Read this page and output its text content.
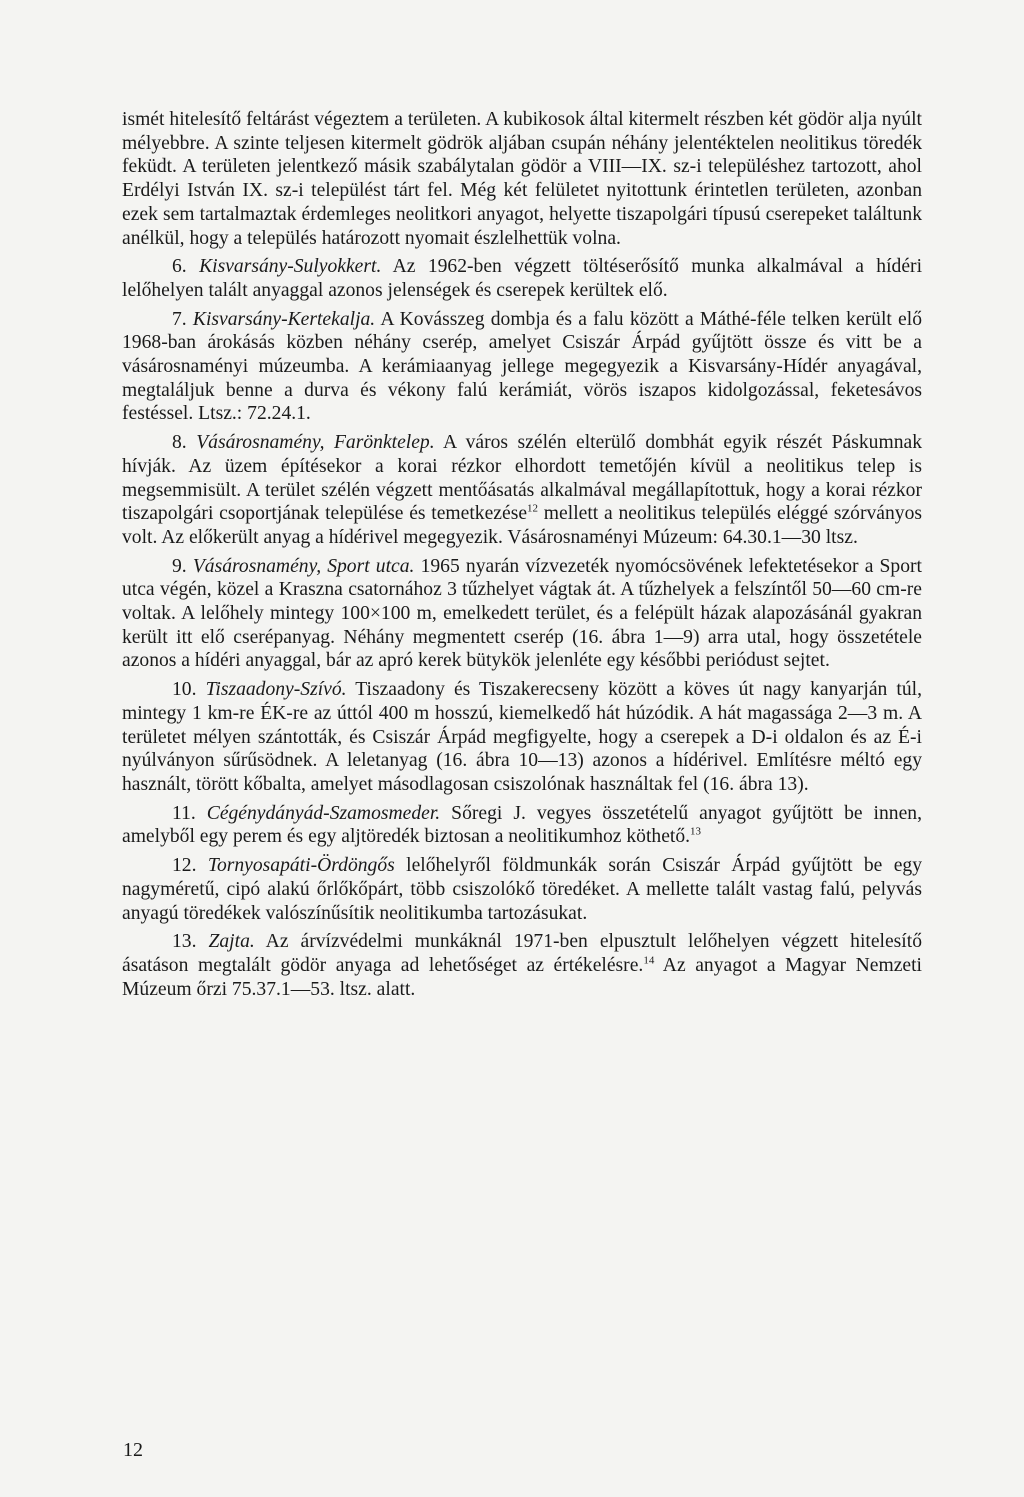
ismét hitelesítő feltárást végeztem a területen. A kubikosok által kitermelt részben két gödör alja nyúlt mélyebbre. A szinte teljesen kitermelt gödrök aljában csupán néhány jelentéktelen neolitikus töredék feküdt. A területen jelentkező másik szabálytalan gödör a VIII—IX. sz-i településhez tartozott, ahol Erdélyi István IX. sz-i települést tárt fel. Még két felületet nyitottunk érintetlen területen, azonban ezek sem tartalmaztak érdemleges neolitkori anyagot, helyette tiszapolgári típusú cserepeket találtunk anélkül, hogy a település határozott nyomait észlelhettük volna.

6. Kisvarsány-Sulyokkert. Az 1962-ben végzett töltéserősítő munka alkalmával a hídéri lelőhelyen talált anyaggal azonos jelenségek és cserepek kerültek elő.

7. Kisvarsány-Kertekalja. A Kovásszeg dombja és a falu között a Máthé-féle telken került elő 1968-ban árokásás közben néhány cserép, amelyet Csiszár Árpád gyűjtött össze és vitt be a vásárosnaményi múzeumba. A kerámiaanyag jellege megegyezik a Kisvarsány-Hídér anyagával, megtaláljuk benne a durva és vékony falú kerámiát, vörös iszapos kidolgozással, feketesávos festéssel. Ltsz.: 72.24.1.

8. Vásárosnamény, Farönktelep. A város szélén elterülő dombhát egyik részét Páskumnak hívják. Az üzem építésekor a korai rézkor elhordott temetőjén kívül a neolitikus telep is megsemmisült. A terület szélén végzett mentőásatás alkalmával megállapítottuk, hogy a korai rézkor tiszapolgári csoportjának települése és temetkezése$^{12}$ mellett a neolitikus település eléggé szórványos volt. Az előkerült anyag a hídérivel megegyezik. Vásárosnaményi Múzeum: 64.30.1—30 ltsz.

9. Vásárosnamény, Sport utca. 1965 nyarán vízvezeték nyomócsövének lefektetésekor a Sport utca végén, közel a Kraszna csatornához 3 tűzhelyet vágtak át. A tűzhelyek a felszíntől 50—60 cm-re voltak. A lelőhely mintegy 100×100 m, emelkedett terület, és a felépült házak alapozásánál gyakran került itt elő cserépanyag. Néhány megmentett cserép (16. ábra 1—9) arra utal, hogy összetétele azonos a hídéri anyaggal, bár az apró kerek bütykök jelenléte egy későbbi periódust sejtet.

10. Tiszaadony-Szívó. Tiszaadony és Tiszakerecseny között a köves út nagy kanyarján túl, mintegy 1 km-re ÉK-re az úttól 400 m hosszú, kiemelkedő hát húzódik. A hát magassága 2—3 m. A területet mélyen szántották, és Csiszár Árpád megfigyelte, hogy a cserepek a D-i oldalon és az É-i nyúlványon sűrűsödnek. A leletanyag (16. ábra 10—13) azonos a hídérivel. Említésre méltó egy használt, törött kőbalta, amelyet másodlagosan csiszolónak használtak fel (16. ábra 13).

11. Cégénydányád-Szamosmeder. Sőregi J. vegyes összetételű anyagot gyűjtött be innen, amelyből egy perem és egy aljtöredék biztosan a neolitikumhoz köthető.$^{13}$

12. Tornyosapáti-Ördöngős lelőhelyről földmunkák során Csiszár Árpád gyűjtött be egy nagyméretű, cipó alakú őrlőkőpárt, több csiszolókő töredéket. A mellette talált vastag falú, pelyvás anyagú töredékek valószínűsítik neolitikumba tartozásukat.

13. Zajta. Az árvízvédelmi munkáknál 1971-ben elpusztult lelőhelyen végzett hitelesítő ásatáson megtalált gödör anyaga ad lehetőséget az értékelésre.$^{14}$ Az anyagot a Magyar Nemzeti Múzeum őrzi 75.37.1—53. ltsz. alatt.

12
